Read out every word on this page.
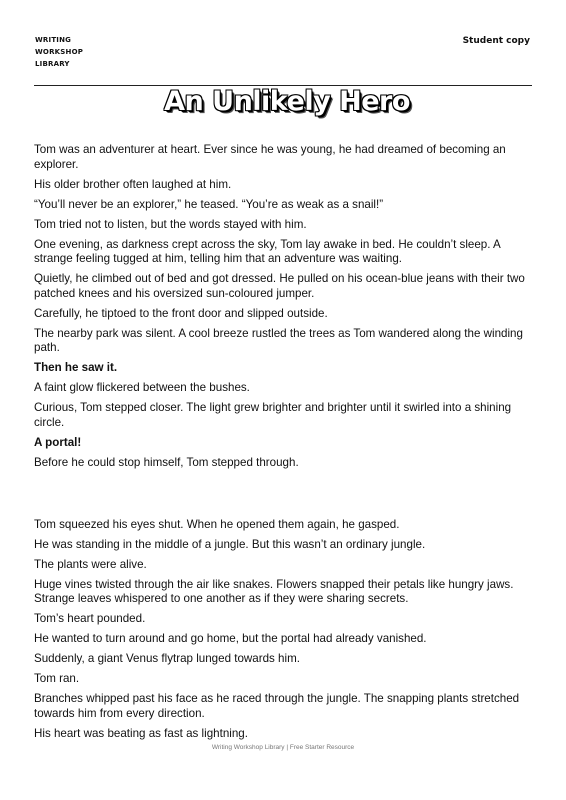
WRITING
WORKSHOP
LIBRARY
Student copy
An Unlikely Hero

Tom was an adventurer at heart. Ever since he was young, he had dreamed of becoming an explorer.

His older brother often laughed at him.

“You’ll never be an explorer,” he teased. “You’re as weak as a snail!”

Tom tried not to listen, but the words stayed with him.

One evening, as darkness crept across the sky, Tom lay awake in bed. He couldn’t sleep. A strange feeling tugged at him, telling him that an adventure was waiting.

Quietly, he climbed out of bed and got dressed. He pulled on his ocean-blue jeans with their two patched knees and his oversized sun-coloured jumper.

Carefully, he tiptoed to the front door and slipped outside.

The nearby park was silent. A cool breeze rustled the trees as Tom wandered along the winding path.

Then he saw it.

A faint glow flickered between the bushes.

Curious, Tom stepped closer. The light grew brighter and brighter until it swirled into a shining circle.

A portal!

Before he could stop himself, Tom stepped through.

Tom squeezed his eyes shut. When he opened them again, he gasped.

He was standing in the middle of a jungle. But this wasn’t an ordinary jungle.

The plants were alive.

Huge vines twisted through the air like snakes. Flowers snapped their petals like hungry jaws. Strange leaves whispered to one another as if they were sharing secrets.

Tom’s heart pounded.

He wanted to turn around and go home, but the portal had already vanished.

Suddenly, a giant Venus flytrap lunged towards him.

Tom ran.

Branches whipped past his face as he raced through the jungle. The snapping plants stretched towards him from every direction.

His heart was beating as fast as lightning.

Writing Workshop Library | Free Starter Resource
